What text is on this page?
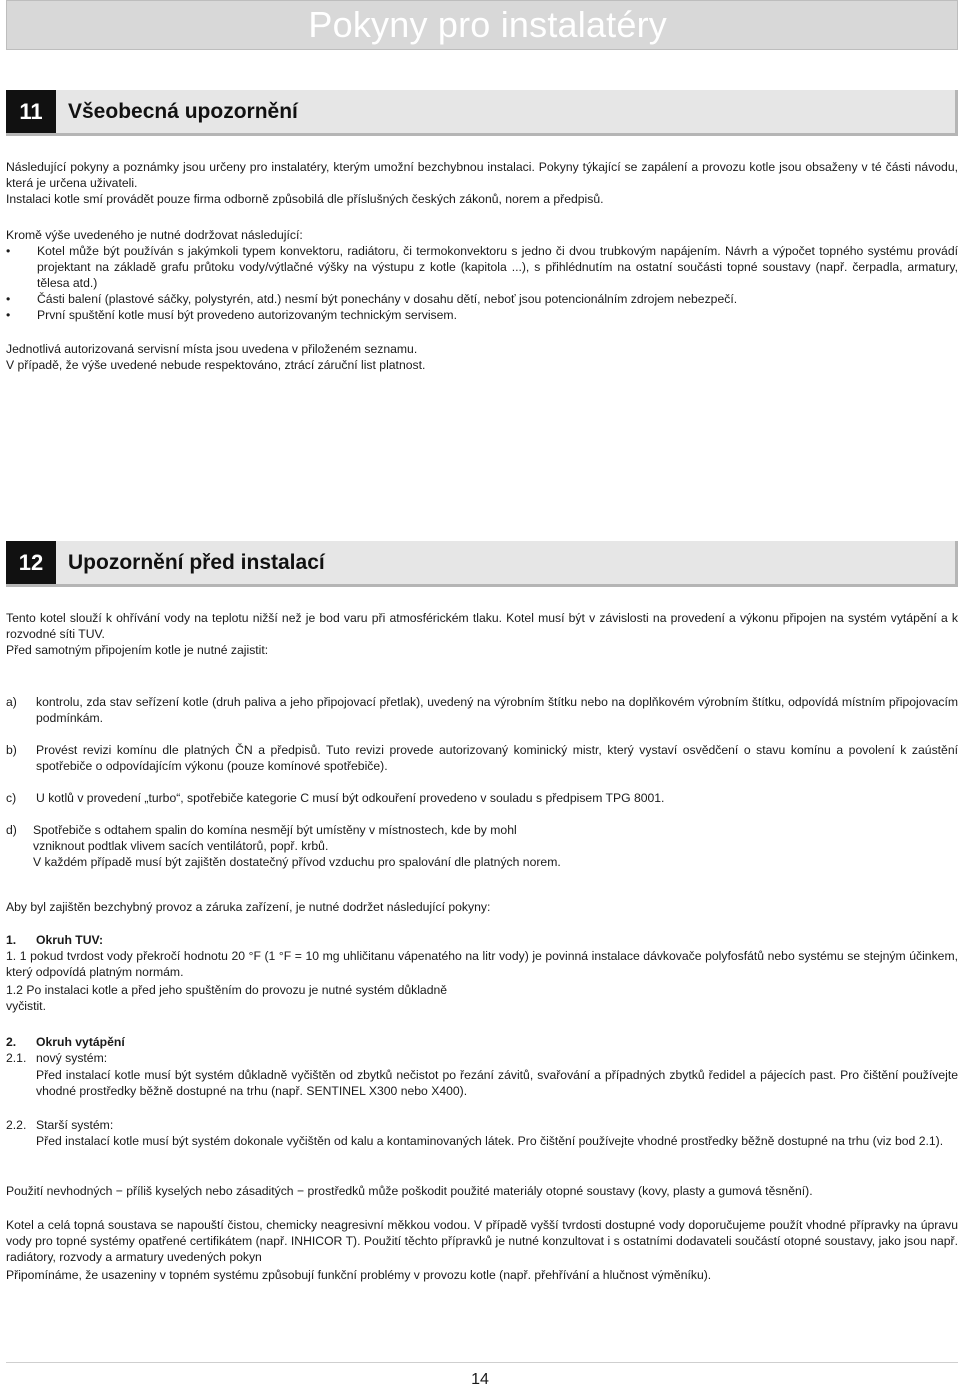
Pokyny pro instalatéry
11	Všeobecná upozornění

Následující pokyny a poznámky jsou určeny pro instalatéry, kterým umožní bezchybnou instalaci. Pokyny týkající se zapálení a provozu kotle jsou obsaženy v té části návodu, která je určena uživateli.

Instalaci kotle smí provádět pouze firma odborně způsobilá dle příslušných českých zákonů, norem a předpisů.

Kromě výše uvedeného je nutné dodržovat následující:

• Kotel může být používán s jakýmkoli typem konvektoru, radiátoru, či termokonvektoru s jedno či dvou trubkovým napájením. Návrh a výpočet topného systému provádí projektant na základě grafu průtoku vody/výtlačné výšky na výstupu z kotle (kapitola ...), s přihlédnutím na ostatní součásti topné soustavy (např. čerpadla, armatury, tělesa atd.)
• Části balení (plastové sáčky, polystyrén, atd.) nesmí být ponechány v dosahu dětí, neboť jsou potencionálním zdrojem nebezpečí.
• První spuštění kotle musí být provedeno autorizovaným technickým servisem.

Jednotlivá autorizovaná servisní místa jsou uvedena v přiloženém seznamu.

V případě, že výše uvedené nebude respektováno, ztrácí záruční list platnost.

12	Upozornění před instalací

Tento kotel slouží k ohřívání vody na teplotu nižší než je bod varu při atmosférickém tlaku. Kotel musí být v závislosti na provedení a výkonu připojen na systém vytápění a k rozvodné síti TUV.

Před samotným připojením kotle je nutné zajistit:

a) kontrolu, zda stav seřízení kotle (druh paliva a jeho připojovací přetlak), uvedený na výrobním štítku nebo na doplňkovém výrobním štítku, odpovídá místním připojovacím podmínkám.
b) Provést revizi komínu dle platných ČN a předpisů. Tuto revizi provede autorizovaný kominický mistr, který vystaví osvědčení o stavu komínu a povolení k zaústění spotřebiče o odpovídajícím výkonu (pouze komínové spotřebiče).
c) U kotlů v provedení „turbo“, spotřebiče kategorie C musí být odkouření provedeno v souladu s předpisem TPG 8001.
d) Spotřebiče s odtahem spalin do komína nesmějí být umístěny v místnostech, kde by mohl
vzniknout podtlak vlivem sacích ventilátorů, popř. krbů.
V každém případě musí být zajištěn dostatečný přívod vzduchu pro spalování dle platných norem.

Aby byl zajištěn bezchybný provoz a záruka zařízení, je nutné dodržet následující pokyny:

1. Okruh TUV:

1. 1 pokud tvrdost vody překročí hodnotu 20 °F (1 °F = 10 mg uhličitanu vápenatého na litr vody) je povinná instalace dávkovače polyfosfátů nebo systému se stejným účinkem, který odpovídá platným normám.

1.2 Po instalaci kotle a před jeho spuštěním do provozu je nutné systém důkladně

vyčistit.

2. Okruh vytápění
2.1. nový systém:
Před instalací kotle musí být systém důkladně vyčištěn od zbytků nečistot po řezání závitů, svařování a případných zbytků ředidel a pájecích past. Pro čištění používejte vhodné prostředky běžně dostupné na trhu (např. SENTINEL X300 nebo X400).
2.2. Starší systém:
Před instalací kotle musí být systém dokonale vyčištěn od kalu a kontaminovaných látek. Pro čištění používejte vhodné prostředky běžně dostupné na trhu (viz bod 2.1).

Použití nevhodných − příliš kyselých nebo zásaditých − prostředků může poškodit použité materiály otopné soustavy (kovy, plasty a gumová těsnění).

Kotel a celá topná soustava se napouští čistou, chemicky neagresivní měkkou vodou. V případě vyšší tvrdosti dostupné vody doporučujeme použít vhodné přípravky na úpravu vody pro topné systémy opatřené certifikátem (např. INHICOR T). Použití těchto přípravků je nutné konzultovat i s ostatními dodavateli součástí otopné soustavy, jako jsou např. radiátory, rozvody a armatury uvedených pokyn

Připomínáme, že usazeniny v topném systému způsobují funkční problémy v provozu kotle (např. přehřívání a hlučnost výměníku).

14
